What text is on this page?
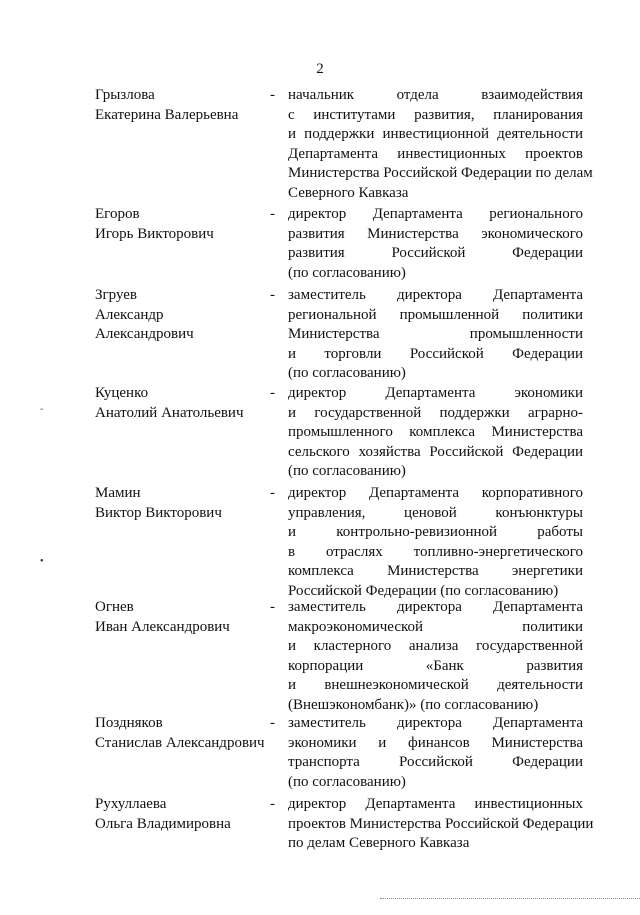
2
Грызлова
Екатерина Валерьевна
- начальник отдела взаимодействия
с институтами развития, планирования
и поддержки инвестиционной деятельности
Департамента инвестиционных проектов
Министерства Российской Федерации по делам
Северного Кавказа
Егоров
Игорь Викторович
- директор Департамента регионального
развития Министерства экономического
развития Российской Федерации
(по согласованию)
Згруев
Александр
Александрович
- заместитель директора Департамента
региональной промышленной политики
Министерства промышленности
и торговли Российской Федерации
(по согласованию)
Куценко
Анатолий Анатольевич
- директор Департамента экономики
и государственной поддержки аграрно-
промышленного комплекса Министерства
сельского хозяйства Российской Федерации
(по согласованию)
Мамин
Виктор Викторович
- директор Департамента корпоративного
управления, ценовой конъюнктуры
и контрольно-ревизионной работы
в отраслях топливно-энергетического
комплекса Министерства энергетики
Российской Федерации (по согласованию)
Огнев
Иван Александрович
- заместитель директора Департамента
макроэкономической политики
и кластерного анализа государственной
корпорации «Банк развития
и внешнеэкономической деятельности
(Внешэкономбанк)» (по согласованию)
Поздняков
Станислав Александрович
- заместитель директора Департамента
экономики и финансов Министерства
транспорта Российской Федерации
(по согласованию)
Рухуллаева
Ольга Владимировна
- директор Департамента инвестиционных
проектов Министерства Российской Федерации
по делам Северного Кавказа
ˆ
•
